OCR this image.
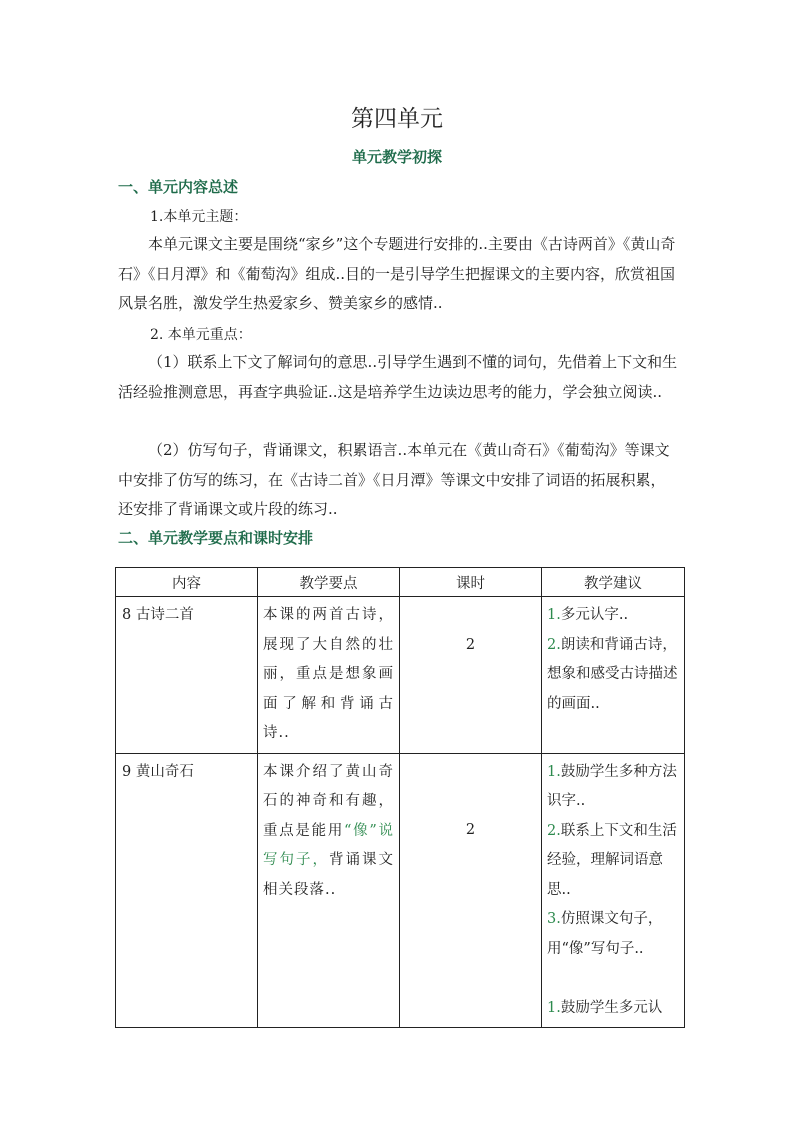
第四单元
单元教学初探
一、单元内容总述
1.本单元主题：
本单元课文主要是围绕“家乡”这个专题进行安排的..主要由《古诗两首》《黄山奇石》《日月潭》和《葡萄沟》组成..目的一是引导学生把握课文的主要内容，欣赏祖国风景名胜，激发学生热爱家乡、赞美家乡的感情..
2. 本单元重点：
（1）联系上下文了解词句的意思..引导学生遇到不懂的词句，先借着上下文和生活经验推测意思，再查字典验证..这是培养学生边读边思考的能力，学会独立阅读..
（2）仿写句子，背诵课文，积累语言..本单元在《黄山奇石》《葡萄沟》等课文中安排了仿写的练习，在《古诗二首》《日月潭》等课文中安排了词语的拓展积累，还安排了背诵课文或片段的练习..
二、单元教学要点和课时安排
内容	教学要点	课时	教学建议
8 古诗二首	本课的两首古诗，展现了大自然的壮丽，重点是想象画面了解和背诵古诗..	2	1.多元认字..
2.朗读和背诵古诗，想象和感受古诗描述的画面..

9 黄山奇石	本课介绍了黄山奇石的神奇和有趣，重点是能用“像”说写句子，背诵课文相关段落..	2	1.鼓励学生多种方法识字..
2.联系上下文和生活经验，理解词语意思..
3.仿照课文句子，用“像”写句子..
1.鼓励学生多元认
